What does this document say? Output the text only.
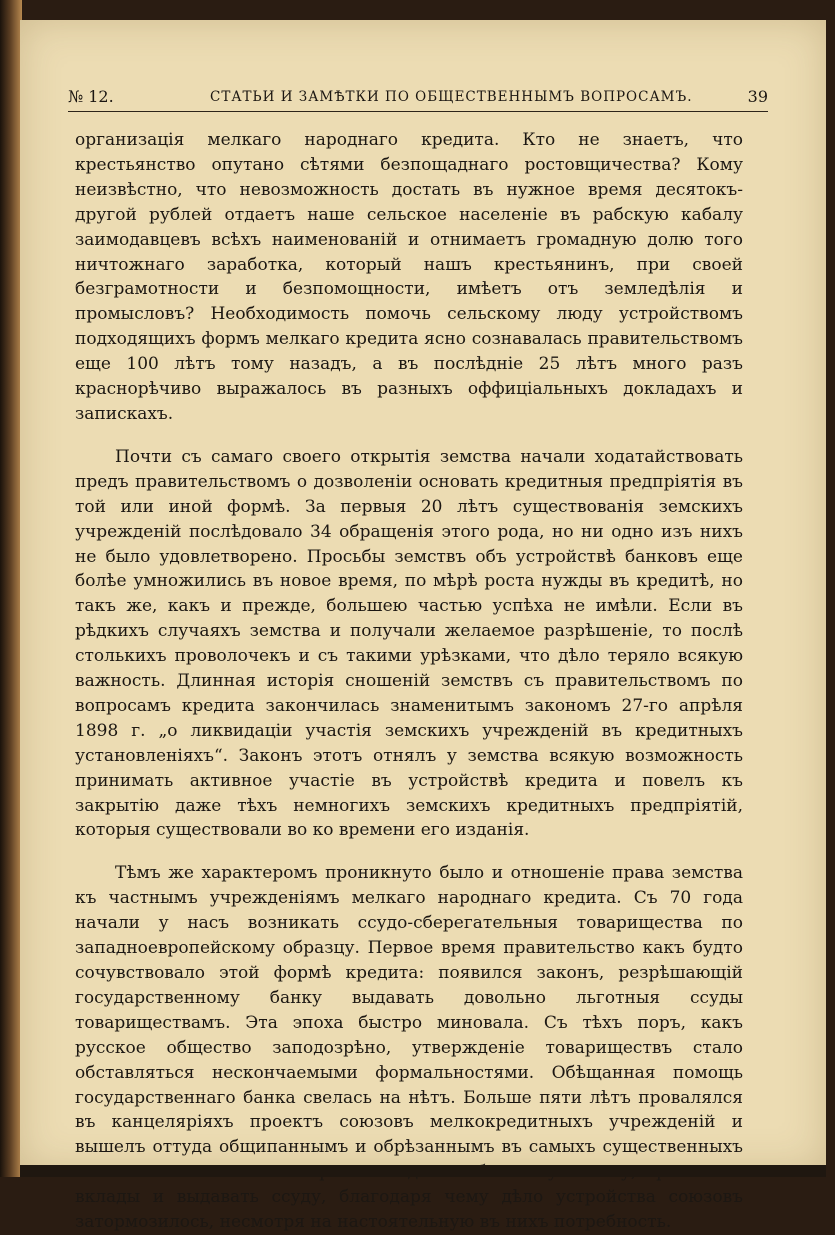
№ 12.	СТАТЬИ И ЗАМѢТКИ ПО ОБЩЕСТВЕННЫМЪ ВОПРОСАМЪ.	39

организація мелкаго народнаго кредита. Кто не знаетъ, что крестьянство опутано сѣтями безпощаднаго ростовщичества? Кому неизвѣстно, что невозможность достать въ нужное время десятокъ-другой рублей отдаетъ наше сельское населеніе въ рабскую кабалу заимодавцевъ всѣхъ наименованій и отнимаетъ громадную долю того ничтожнаго заработка, который нашъ крестьянинъ, при своей безграмотности и безпомощности, имѣетъ отъ земледѣлія и промысловъ? Необходимость помочь сельскому люду устройствомъ подходящихъ формъ мелкаго кредита ясно сознавалась правительствомъ еще 100 лѣтъ тому назадъ, а въ послѣдніе 25 лѣтъ много разъ краснорѣчиво выражалось въ разныхъ оффиціальныхъ докладахъ и запискахъ.

Почти съ самаго своего открытія земства начали ходатайствовать предъ правительствомъ о дозволеніи основать кредитныя предпріятія въ той или иной формѣ. За первыя 20 лѣтъ существованія земскихъ учрежденій послѣдовало 34 обращенія этого рода, но ни одно изъ нихъ не было удовлетворено. Просьбы земствъ объ устройствѣ банковъ еще болѣе умножились въ новое время, по мѣрѣ роста нужды въ кредитѣ, но такъ же, какъ и прежде, большею частью успѣха не имѣли. Если въ рѣдкихъ случаяхъ земства и получали желаемое разрѣшеніе, то послѣ столькихъ проволочекъ и съ такими урѣзками, что дѣло теряло всякую важность. Длинная исторія сношеній земствъ съ правительствомъ по вопросамъ кредита закончилась знаменитымъ закономъ 27-го апрѣля 1898 г. „о ликвидаціи участія земскихъ учрежденій въ кредитныхъ установленіяхъ“. Законъ этотъ отнялъ у земства всякую возможность принимать активное участіе въ устройствѣ кредита и повелъ къ закрытію даже тѣхъ немногихъ земскихъ кредитныхъ предпріятій, которыя существовали во ко времени его изданія.

Тѣмъ же характеромъ проникнуто было и отношеніе права земства къ частнымъ учрежденіямъ мелкаго народнаго кредита. Съ 70 года начали у насъ возникать ссудо-сберегательныя товарищества по западноевропейскому образцу. Первое время правительство какъ будто сочувствовало этой формѣ кредита: появился законъ, резрѣшающій государственному банку выдавать довольно льготныя ссуды товариществамъ. Эта эпоха быстро миновала. Съ тѣхъ поръ, какъ русское общество заподозрѣно, утвержденіе товариществъ стало обставляться нескончаемыми формальностями. Обѣщанная помощь государственнаго банка свелась на нѣтъ. Больше пяти лѣтъ провалялся въ канцеляріяхъ проектъ союзовъ мелкокредитныхъ учрежденій и вышелъ оттуда общипаннымъ и обрѣзаннымъ въ самыхъ существенныхъ вклады и выдавать ссуду, благодаря чему дѣло устройства союзовъ затормозилось, несмотря на настоятельную въ нихъ потребность.
